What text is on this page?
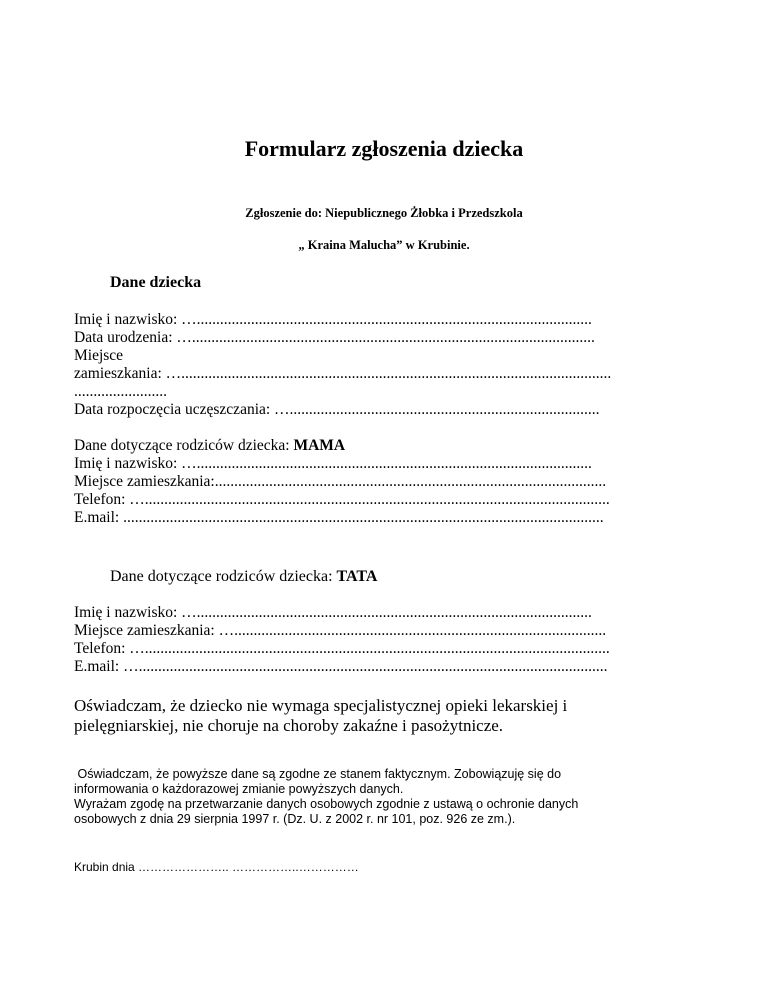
Formularz zgłoszenia dziecka
Zgłoszenie do: Niepublicznego Żłobka i Przedszkola
„ Kraina Malucha” w Krubinie.
Dane dziecka
Imię i nazwisko: …......................................................................................................
Data urodzenia: …........................................................................................................
Miejsce
zamieszkania: …...............................................................................................................
........................
Data rozpoczęcia uczęszczania: …................................................................................
Dane dotyczące rodziców dziecka: MAMA
Imię i nazwisko: …......................................................................................................
Miejsce zamieszkania:.....................................................................................................
Telefon: …........................................................................................................................
E.mail: ............................................................................................................................
Dane dotyczące rodziców dziecka: TATA
Imię i nazwisko: …......................................................................................................
Miejsce zamieszkania: …................................................................................................
Telefon: …........................................................................................................................
E.mail: ….........................................................................................................................
Oświadczam, że dziecko nie wymaga specjalistycznej opieki lekarskiej i
pielęgniarskiej, nie choruje na choroby zakaźne i pasożytnicze.
Oświadczam, że powyższe dane są zgodne ze stanem faktycznym. Zobowiązuję się do
informowania o każdorazowej zmianie powyższych danych.
Wyrażam zgodę na przetwarzanie danych osobowych zgodnie z ustawą o ochronie danych
osobowych z dnia 29 sierpnia 1997 r. (Dz. U. z 2002 r. nr 101, poz. 926 ze zm.).
Krubin dnia ………………….. ……………..……………
